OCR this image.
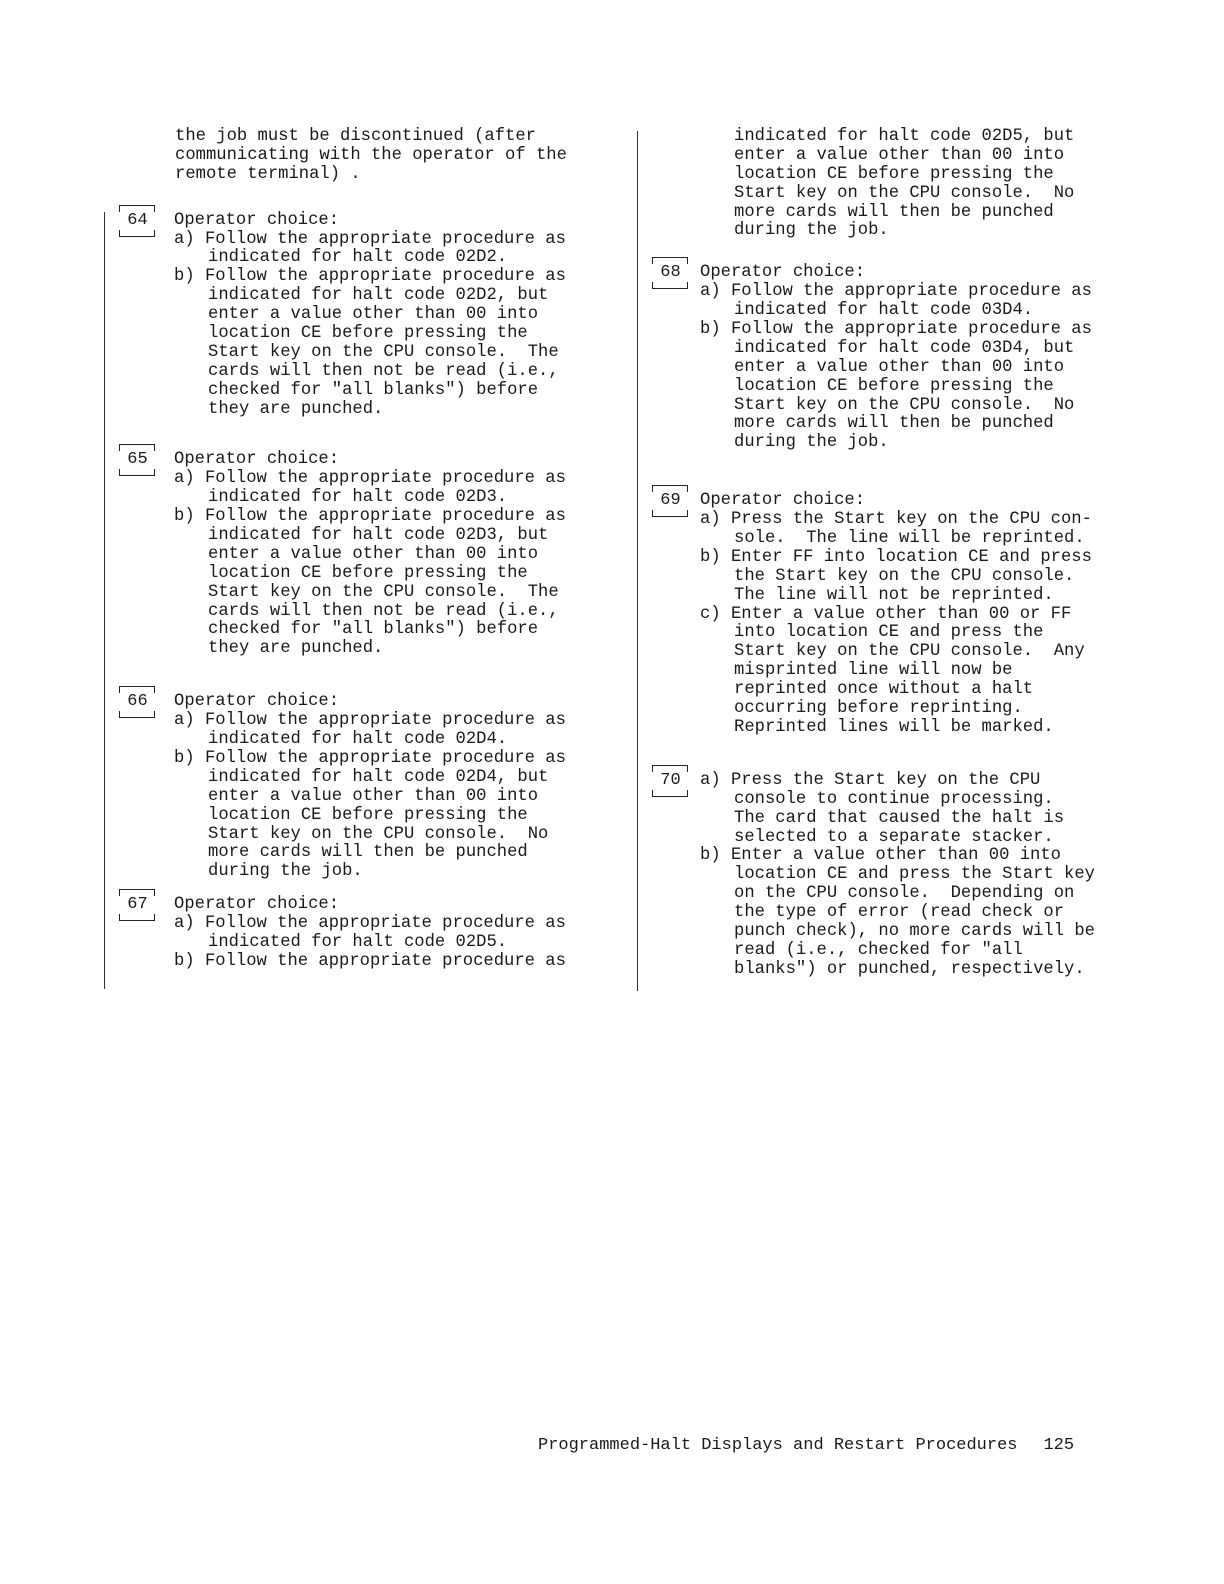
the job must be discontinued (after
communicating with the operator of the
remote terminal) .
64	Operator choice:
a) Follow the appropriate procedure as
indicated for halt code 02D2.
b) Follow the appropriate procedure as
indicated for halt code 02D2, but
enter a value other than 00 into
location CE before pressing the
Start key on the CPU console.  The
cards will then not be read (i.e.,
checked for "all blanks") before
they are punched.
65	Operator choice:
a) Follow the appropriate procedure as
indicated for halt code 02D3.
b) Follow the appropriate procedure as
indicated for halt code 02D3, but
enter a value other than 00 into
location CE before pressing the
Start key on the CPU console.  The
cards will then not be read (i.e.,
checked for "all blanks") before
they are punched.
66	Operator choice:
a) Follow the appropriate procedure as
indicated for halt code 02D4.
b) Follow the appropriate procedure as
indicated for halt code 02D4, but
enter a value other than 00 into
location CE before pressing the
Start key on the CPU console.  No
more cards will then be punched
during the job.
67	Operator choice:
a) Follow the appropriate procedure as
indicated for halt code 02D5.
b) Follow the appropriate procedure as
indicated for halt code 02D5, but
enter a value other than 00 into
location CE before pressing the
Start key on the CPU console.  No
more cards will then be punched
during the job.
68	Operator choice:
a) Follow the appropriate procedure as
indicated for halt code 03D4.
b) Follow the appropriate procedure as
indicated for halt code 03D4, but
enter a value other than 00 into
location CE before pressing the
Start key on the CPU console.  No
more cards will then be punched
during the job.
69	Operator choice:
a) Press the Start key on the CPU con-
sole.  The line will be reprinted.
b) Enter FF into location CE and press
the Start key on the CPU console.
The line will not be reprinted.
c) Enter a value other than 00 or FF
into location CE and press the
Start key on the CPU console.  Any
misprinted line will now be
reprinted once without a halt
occurring before reprinting.
Reprinted lines will be marked.
70	a) Press the Start key on the CPU
console to continue processing.
The card that caused the halt is
selected to a separate stacker.
b) Enter a value other than 00 into
location CE and press the Start key
on the CPU console.  Depending on
the type of error (read check or
punch check), no more cards will be
read (i.e., checked for "all
blanks") or punched, respectively.
Programmed-Halt Displays and Restart Procedures 125
